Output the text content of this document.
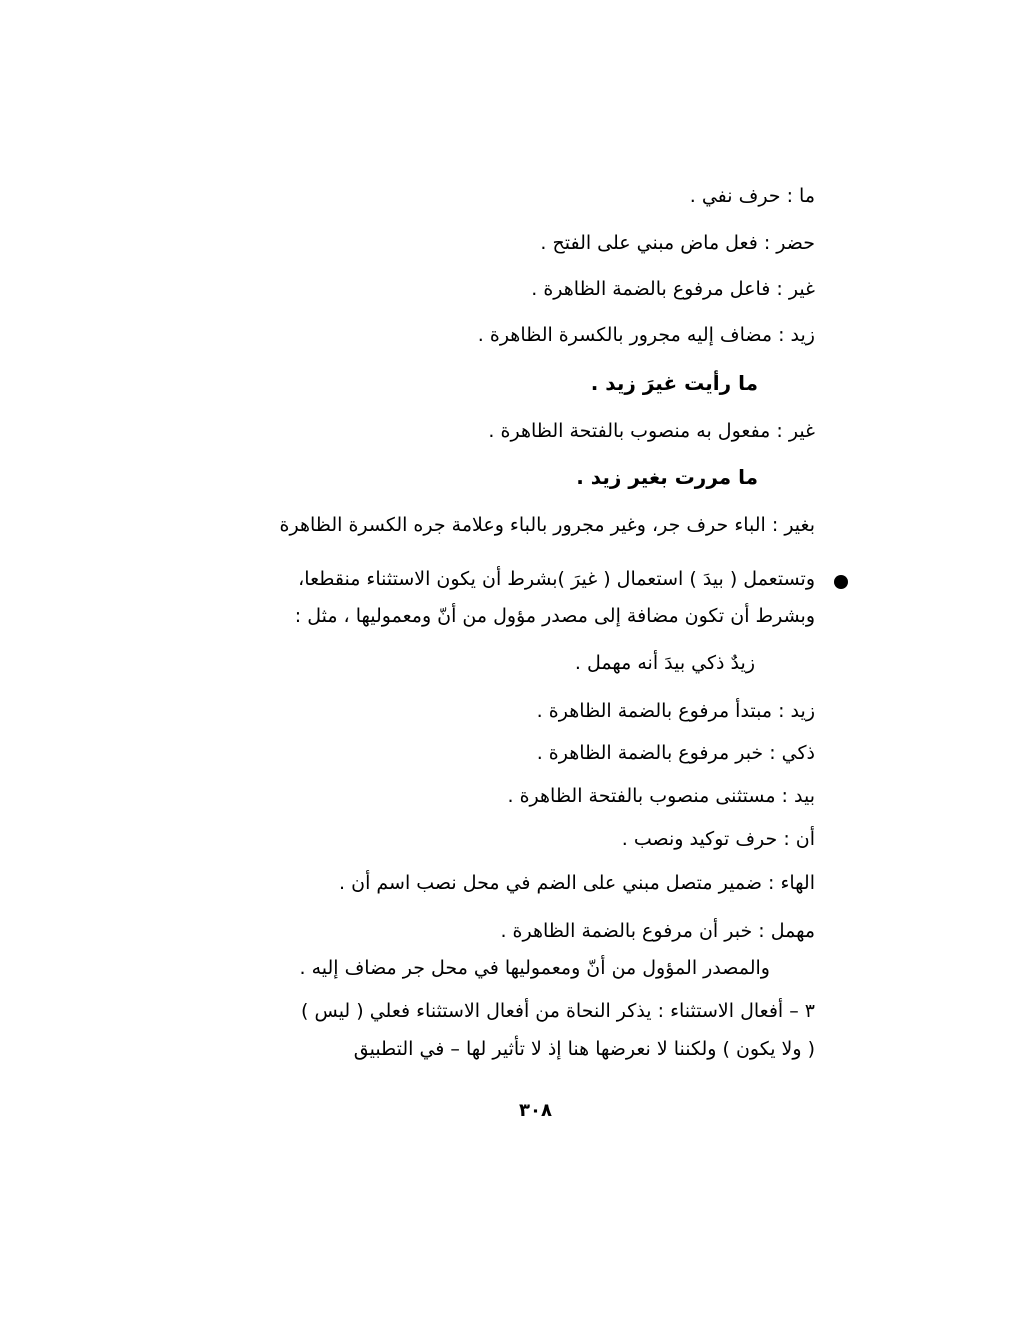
ما : حرف نفي .
حضر : فعل ماض مبني على الفتح .
غير : فاعل مرفوع بالضمة الظاهرة .
زيد : مضاف إليه مجرور بالكسرة الظاهرة .
ما رأيت غيرَ زيد .
غير : مفعول به منصوب بالفتحة الظاهرة .
ما مررت بغير زيد .
بغير : الباء حرف جر، وغير مجرور بالباء وعلامة جره الكسرة الظاهرة
وتستعمل ( بيدَ ) استعمال ( غيرَ )بشرط أن يكون الاستثناء منقطعا،
وبشرط أن تكون مضافة إلى مصدر مؤول من أنّ ومعموليها ، مثل :
زيدٌ ذكي بيدَ أنه مهمل .
زيد : مبتدأ مرفوع بالضمة الظاهرة .
ذكي : خبر مرفوع بالضمة الظاهرة .
بيد : مستثنى منصوب بالفتحة الظاهرة .
أن : حرف توكيد ونصب .
الهاء : ضمير متصل مبني على الضم في محل نصب اسم أن .
مهمل : خبر أن مرفوع بالضمة الظاهرة .
والمصدر المؤول من أنّ ومعموليها في محل جر مضاف إليه .
٣ – أفعال الاستثناء : يذكر النحاة من أفعال الاستثناء فعلي ( ليس )
( ولا يكون ) ولكننا لا نعرضها هنا إذ لا تأثير لها – في التطبيق
٣٠٨
